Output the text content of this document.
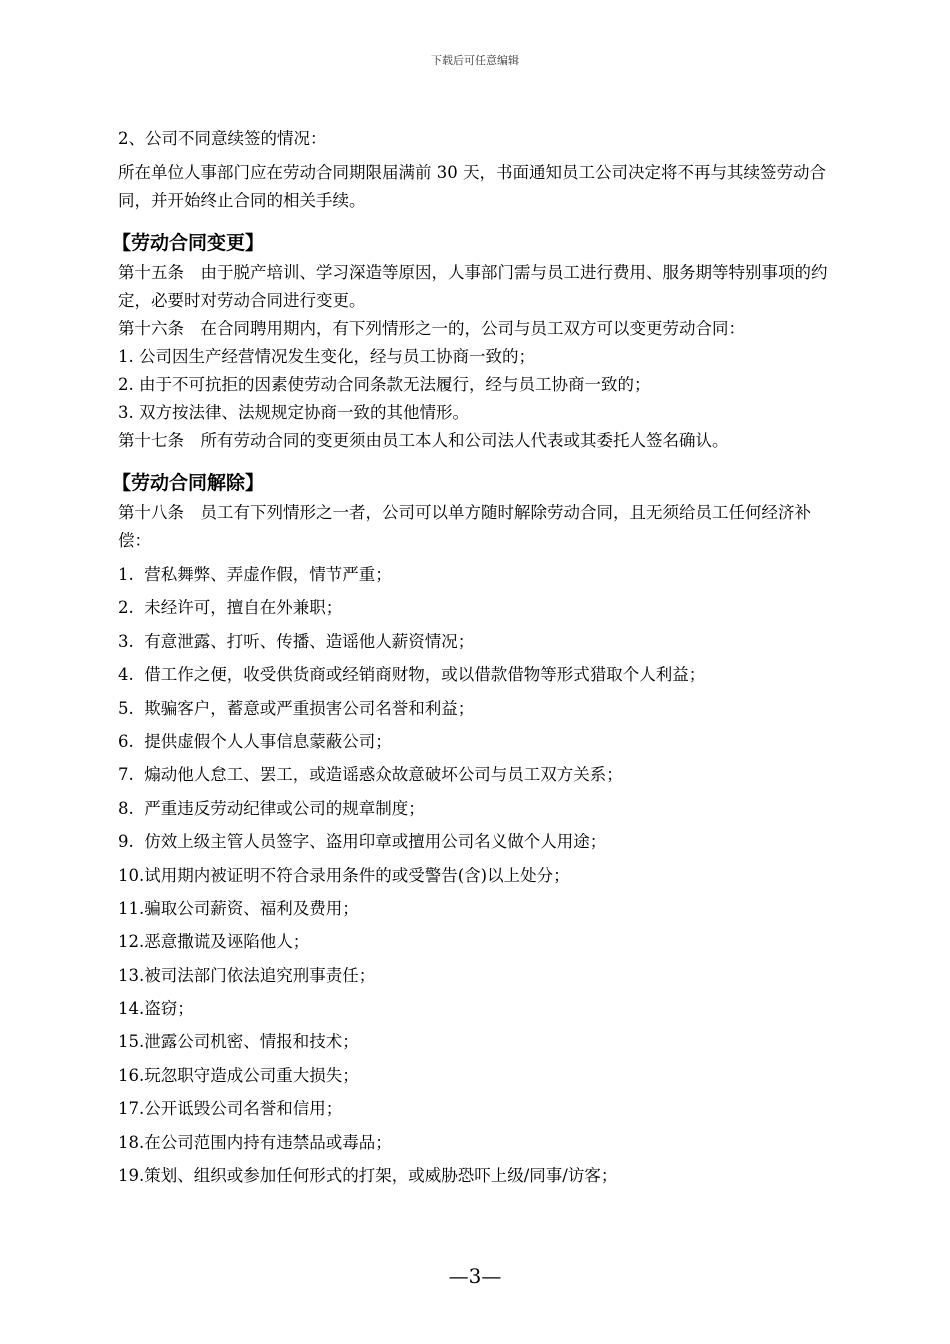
下载后可任意编辑

2、公司不同意续签的情况：

所在单位人事部门应在劳动合同期限届满前 30 天，书面通知员工公司决定将不再与其续签劳动合同，并开始终止合同的相关手续。

【劳动合同变更】

第十五条　由于脱产培训、学习深造等原因，人事部门需与员工进行费用、服务期等特别事项的约定，必要时对劳动合同进行变更。

第十六条　在合同聘用期内，有下列情形之一的，公司与员工双方可以变更劳动合同：

1. 公司因生产经营情况发生变化，经与员工协商一致的；

2. 由于不可抗拒的因素使劳动合同条款无法履行，经与员工协商一致的；

3. 双方按法律、法规规定协商一致的其他情形。

第十七条　所有劳动合同的变更须由员工本人和公司法人代表或其委托人签名确认。

【劳动合同解除】

第十八条　员工有下列情形之一者，公司可以单方随时解除劳动合同，且无须给员工任何经济补偿：

1.  营私舞弊、弄虚作假，情节严重；

2.  未经许可，擅自在外兼职；

3.  有意泄露、打听、传播、造谣他人薪资情况；

4.  借工作之便，收受供货商或经销商财物，或以借款借物等形式猎取个人利益；

5.  欺骗客户，蓄意或严重损害公司名誉和利益；

6.  提供虚假个人人事信息蒙蔽公司；

7.  煽动他人怠工、罢工，或造谣惑众故意破坏公司与员工双方关系；

8.  严重违反劳动纪律或公司的规章制度；

9.  仿效上级主管人员签字、盗用印章或擅用公司名义做个人用途；

10.试用期内被证明不符合录用条件的或受警告(含)以上处分；

11.骗取公司薪资、福利及费用；

12.恶意撒谎及诬陷他人；

13.被司法部门依法追究刑事责任；

14.盗窃；

15.泄露公司机密、情报和技术；

16.玩忽职守造成公司重大损失；

17.公开诋毁公司名誉和信用；

18.在公司范围内持有违禁品或毒品；

19.策划、组织或参加任何形式的打架，或威胁恐吓上级/同事/访客；

—3—
